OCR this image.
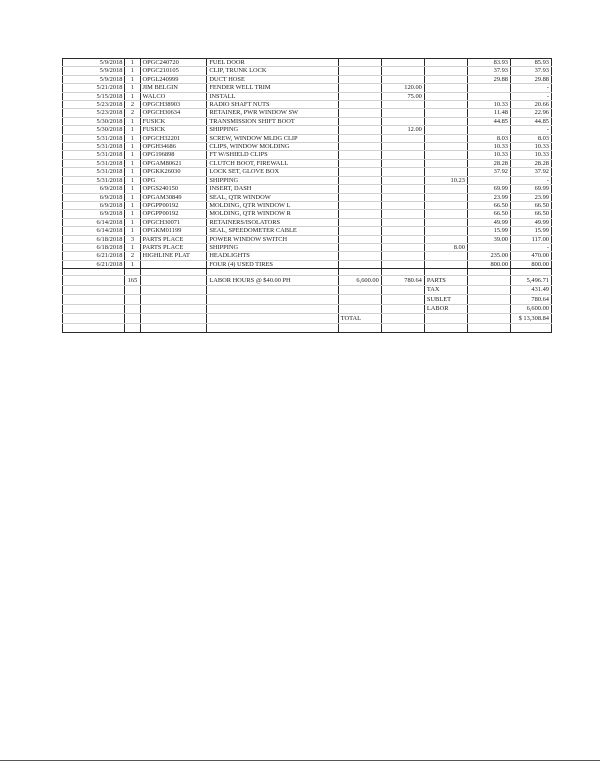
5/9/2018	1	OPGC240720	FUEL DOOR				83.93	85.93
5/9/2018	1	OPGC210105	CLIP, TRUNK LOCK				37.93	37.93
5/9/2018	1	OPGL240999	DUCT HOSE				29.88	29.88
5/21/2018	1	JIM BELGIN	FENDER WELL TRIM		120.00			-
5/15/2018	1	WALCO	INSTALL		75.00			-
5/23/2018	2	OPGCH38903	RADIO SHAFT NUTS				10.33	20.66
5/23/2018	2	OPGCH30634	RETAINER, PWR WINDOW SW				11.48	22.96
5/30/2018	1	FUSICK	TRANSMISSION SHIFT BOOT				44.85	44.85
5/30/2018	1	FUSICK	SHIPPING		12.00			-
5/31/2018	1	OPGCH32201	SCREW, WINDOW MLDG CLIP				8.03	8.03
5/31/2018	1	OPGH34686	CLIPS, WINDOW MOLDING				10.33	10.33
5/31/2018	1	OPG196898	FT W/SHIELD CLIPS				10.33	10.33
5/31/2018	1	OPGAM80621	CLUTCH BOOT, FIREWALL				28.28	28.28
5/31/2018	1	OPGKK26030	LOCK SET, GLOVE BOX				37.92	37.92
5/31/2018	1	OPG	SHIPPING			10.23		-
6/9/2018	1	OPGS240150	INSERT, DASH				69.99	69.99
6/9/2018	1	OPGAM30849	SEAL, QTR WINDOW				23.99	23.99
6/9/2018	1	OPGPP00192	MOLDING, QTR WINDOW L				66.50	66.50
6/9/2018	1	OPGPP00192	MOLDING, QTR WINDOW R				66.50	66.50
6/14/2018	1	OPGCH30071	RETAINERS/ISOLATORS				49.99	49.99
6/14/2018	1	OPGKM01199	SEAL, SPEEDOMETER CABLE				15.99	15.99
6/18/2018	3	PARTS PLACE	POWER WINDOW SWITCH				39.00	117.00
6/18/2018	1	PARTS PLACE	SHIPPING			8.00		-
6/21/2018	2	HIGHLINE PLAT	HEADLIGHTS				235.00	470.00
6/21/2018	1		FOUR (4) USED TIRES				800.00	800.00

	165		LABOR HOURS @ $40.00 PH	6,600.00	780.64	PARTS		5,496.71
						TAX		431.49
						SUBLET		780.64
						LABOR		6,600.00
				TOTAL				$ 13,308.84
